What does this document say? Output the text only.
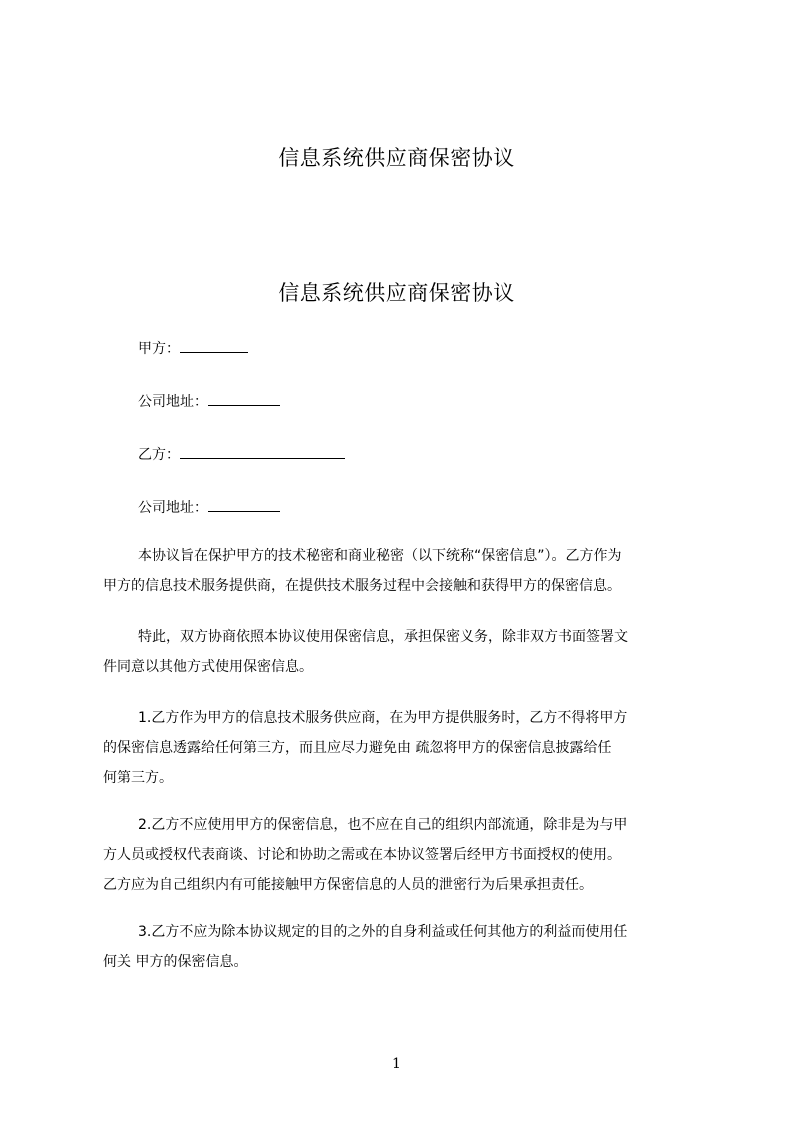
信息系统供应商保密协议
信息系统供应商保密协议
甲方：
公司地址：
乙方：
公司地址：
本协议旨在保护甲方的技术秘密和商业秘密（以下统称“保密信息”）。乙方作为
甲方的信息技术服务提供商，在提供技术服务过程中会接触和获得甲方的保密信息。
特此，双方协商依照本协议使用保密信息，承担保密义务，除非双方书面签署文
件同意以其他方式使用保密信息。
1.乙方作为甲方的信息技术服务供应商，在为甲方提供服务时，乙方不得将甲方
的保密信息透露给任何第三方，而且应尽力避免由 疏忽将甲方的保密信息披露给任
何第三方。
2.乙方不应使用甲方的保密信息，也不应在自己的组织内部流通，除非是为与甲
方人员或授权代表商谈、讨论和协助之需或在本协议签署后经甲方书面授权的使用。
乙方应为自己组织内有可能接触甲方保密信息的人员的泄密行为后果承担责任。
3.乙方不应为除本协议规定的目的之外的自身利益或任何其他方的利益而使用任
何关 甲方的保密信息。
1
